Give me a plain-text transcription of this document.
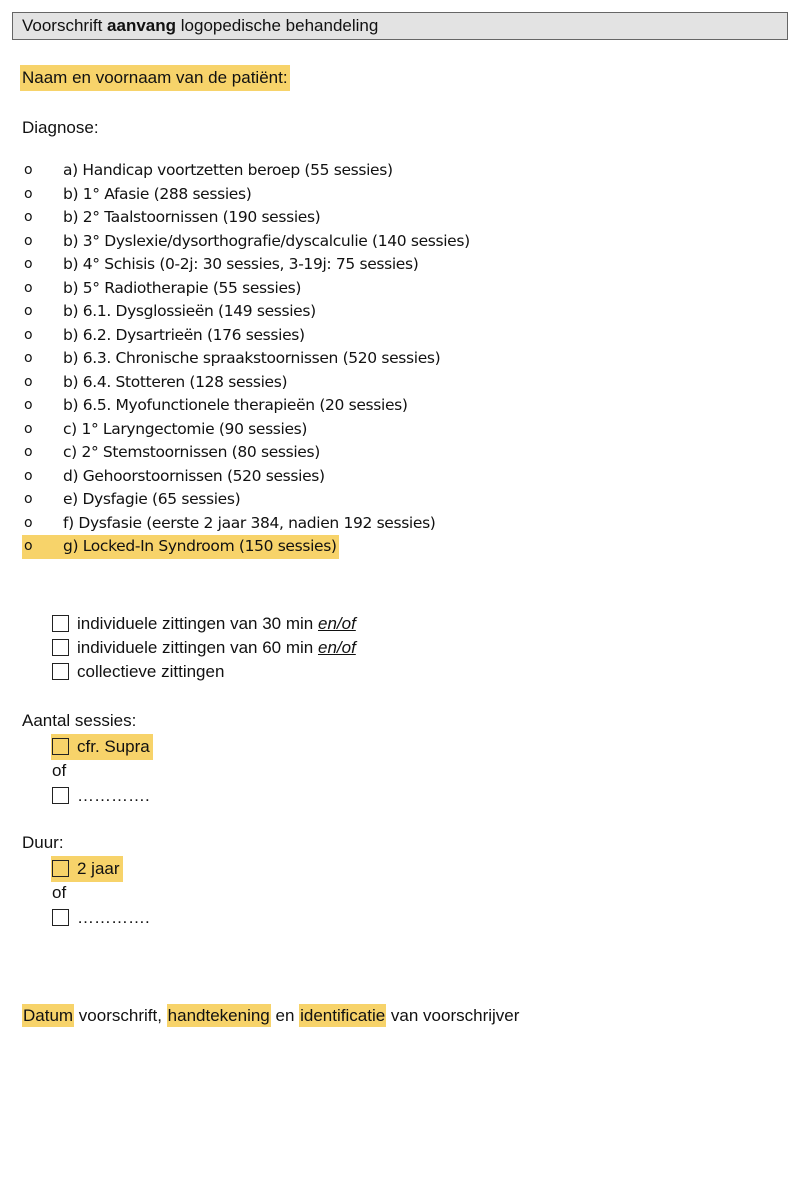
Voorschrift aanvang logopedische behandeling
Naam en voornaam van de patiënt:
Diagnose:
o a) Handicap voortzetten beroep (55 sessies)
o b) 1° Afasie (288 sessies)
o b) 2° Taalstoornissen (190 sessies)
o b) 3° Dyslexie/dysorthografie/dyscalculie (140 sessies)
o b) 4° Schisis (0-2j: 30 sessies, 3-19j: 75 sessies)
o b) 5° Radiotherapie (55 sessies)
o b) 6.1. Dysglossieën (149 sessies)
o b) 6.2. Dysartrieën (176 sessies)
o b) 6.3. Chronische spraakstoornissen (520 sessies)
o b) 6.4. Stotteren (128 sessies)
o b) 6.5. Myofunctionele therapieën (20 sessies)
o c) 1° Laryngectomie (90 sessies)
o c) 2° Stemstoornissen (80 sessies)
o d) Gehoorstoornissen (520 sessies)
o e) Dysfagie (65 sessies)
o f) Dysfasie (eerste 2 jaar 384, nadien 192 sessies)
o g) Locked-In Syndroom (150 sessies)
individuele zittingen van 30 min en/of
individuele zittingen van 60 min en/of
collectieve zittingen
Aantal sessies:
cfr. Supra
of
………….
Duur:
2 jaar
of
………….
Datum voorschrift, handtekening en identificatie van voorschrijver
